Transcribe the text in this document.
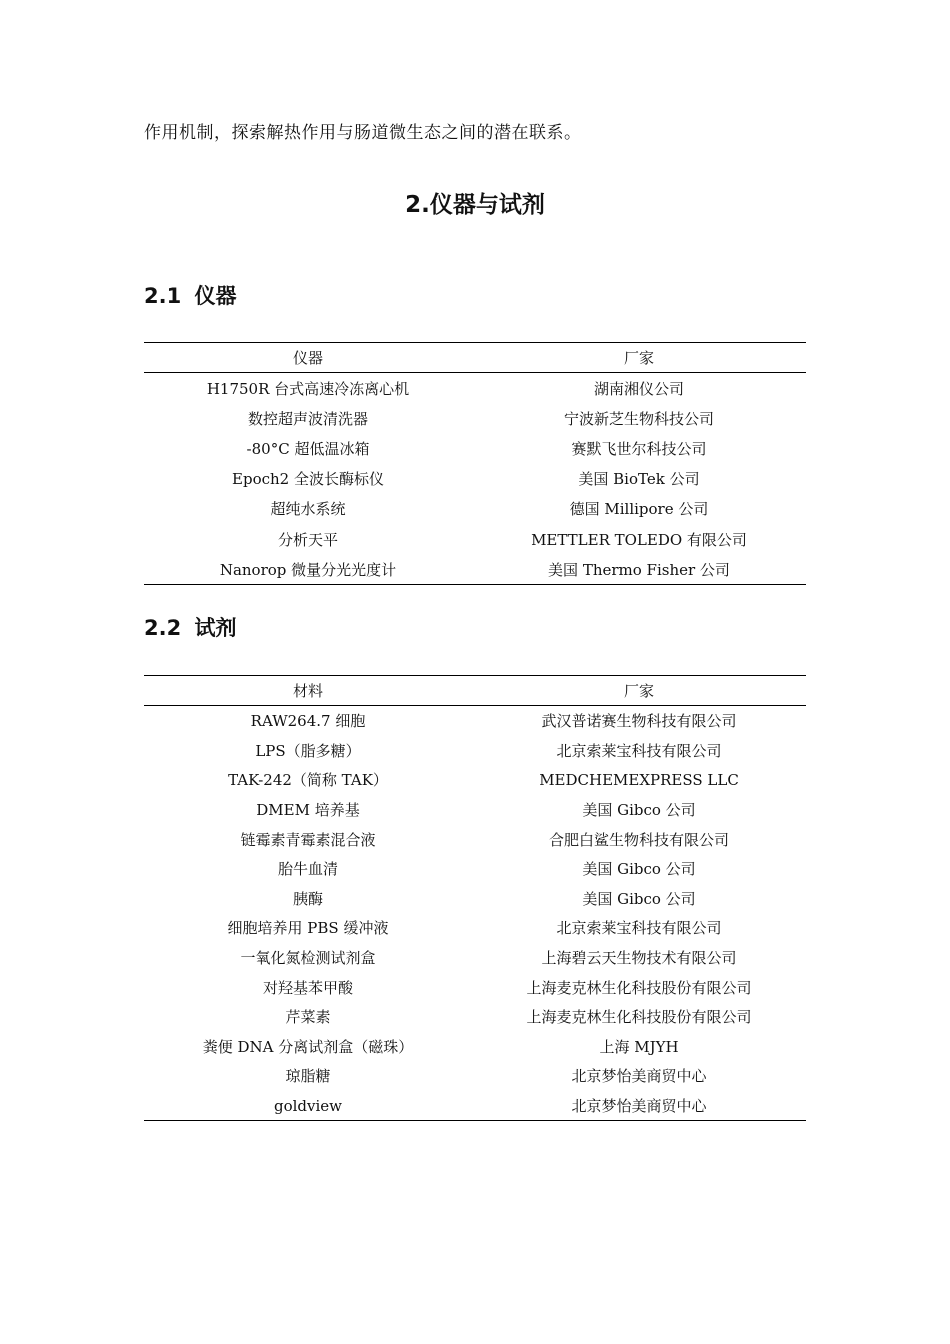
作用机制，探索解热作用与肠道微生态之间的潜在联系。
2.仪器与试剂
2.1 仪器
仪器	厂家
H1750R 台式高速冷冻离心机	湖南湘仪公司
数控超声波清洗器	宁波新芝生物科技公司
-80°C 超低温冰箱	赛默飞世尔科技公司
Epoch2 全波长酶标仪	美国 BioTek 公司
超纯水系统	德国 Millipore 公司
分析天平	METTLER TOLEDO 有限公司
Nanorop 微量分光光度计	美国 Thermo Fisher 公司
2.2 试剂
材料	厂家
RAW264.7 细胞	武汉普诺赛生物科技有限公司
LPS（脂多糖）	北京索莱宝科技有限公司
TAK-242（简称 TAK）	MEDCHEMEXPRESS LLC
DMEM 培养基	美国 Gibco 公司
链霉素青霉素混合液	合肥白鲨生物科技有限公司
胎牛血清	美国 Gibco 公司
胰酶	美国 Gibco 公司
细胞培养用 PBS 缓冲液	北京索莱宝科技有限公司
一氧化氮检测试剂盒	上海碧云天生物技术有限公司
对羟基苯甲酸	上海麦克林生化科技股份有限公司
芹菜素	上海麦克林生化科技股份有限公司
粪便 DNA 分离试剂盒（磁珠）	上海 MJYH
琼脂糖	北京梦怡美商贸中心
goldview	北京梦怡美商贸中心
